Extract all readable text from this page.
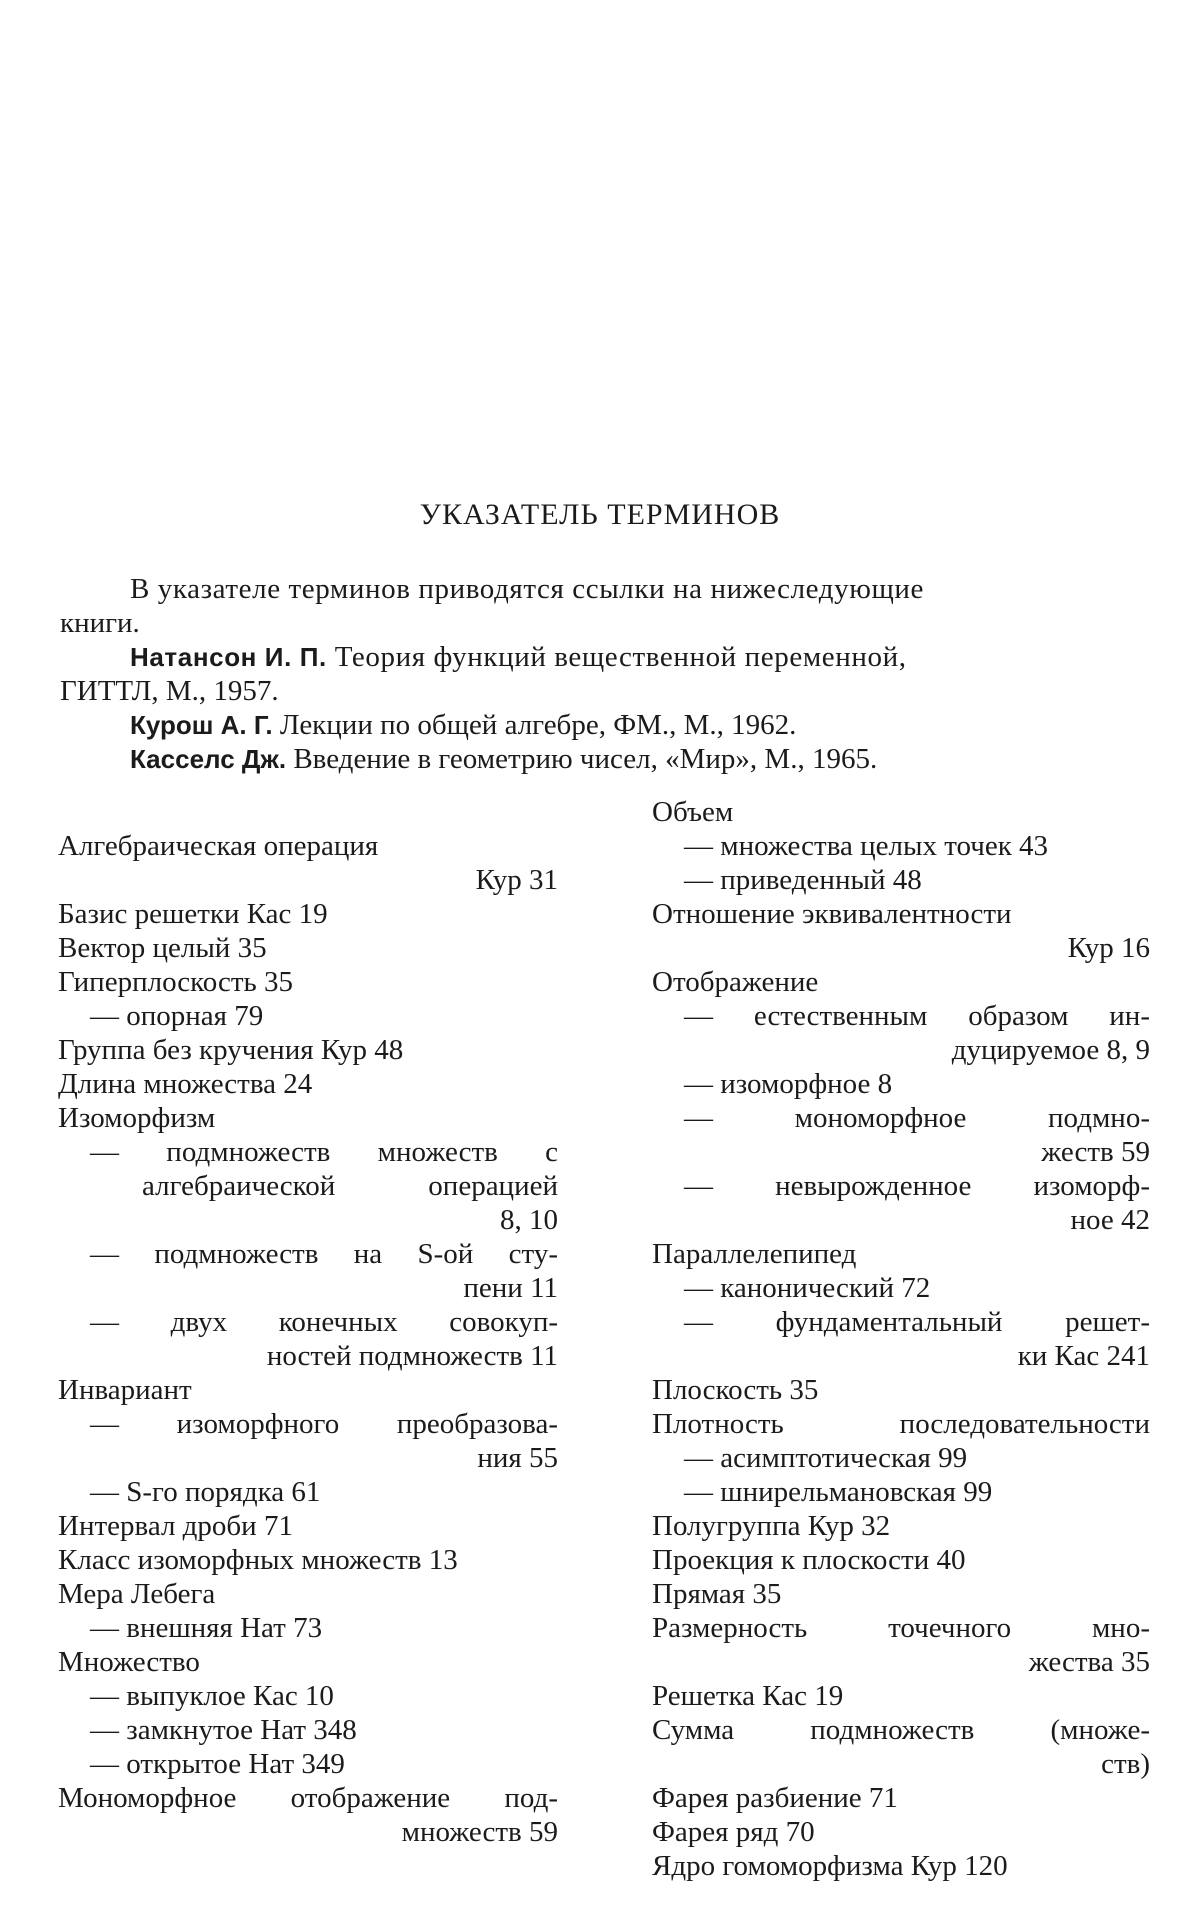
УКАЗАТЕЛЬ ТЕРМИНОВ

В указателе терминов приводятся ссылки на нижеследующие

книги.

Натансон И. П. Теория функций вещественной переменной,

ГИТТЛ, М., 1957.

Курош А. Г. Лекции по общей алгебре, ФМ., М., 1962.

Касселс Дж. Введение в геометрию чисел, «Мир», М., 1965.

Алгебраическая операция
Кур 31
Базис решетки Кас 19
Вектор целый 35
Гиперплоскость 35
— опорная 79
Группа без кручения Кур 48
Длина множества 24
Изоморфизм
— подмножеств множеств с
алгебраической операцией
8, 10
— подмножеств на S-ой сту-
пени 11
— двух конечных совокуп-
ностей подмножеств 11
Инвариант
— изоморфного преобразова-
ния 55
— S-го порядка 61
Интервал дроби 71
Класс изоморфных множеств 13
Мера Лебега
— внешняя Нат 73
Множество
— выпуклое Кас 10
— замкнутое Нат 348
— открытое Нат 349
Мономорфное отображение под-
множеств 59
Объем
— множества целых точек 43
— приведенный 48
Отношение эквивалентности
Кур 16
Отображение
— естественным образом ин-
дуцируемое 8, 9
— изоморфное 8
— мономорфное подмно-
жеств 59
— невырожденное изоморф-
ное 42
Параллелепипед
— канонический 72
— фундаментальный решет-
ки Кас 241
Плоскость 35
Плотность последовательности
— асимптотическая 99
— шнирельмановская 99
Полугруппа Кур 32
Проекция к плоскости 40
Прямая 35
Размерность точечного мно-
жества 35
Решетка Кас 19
Сумма подмножеств (множе-
ств)
Фарея разбиение 71
Фарея ряд 70
Ядро гомоморфизма Кур 120
